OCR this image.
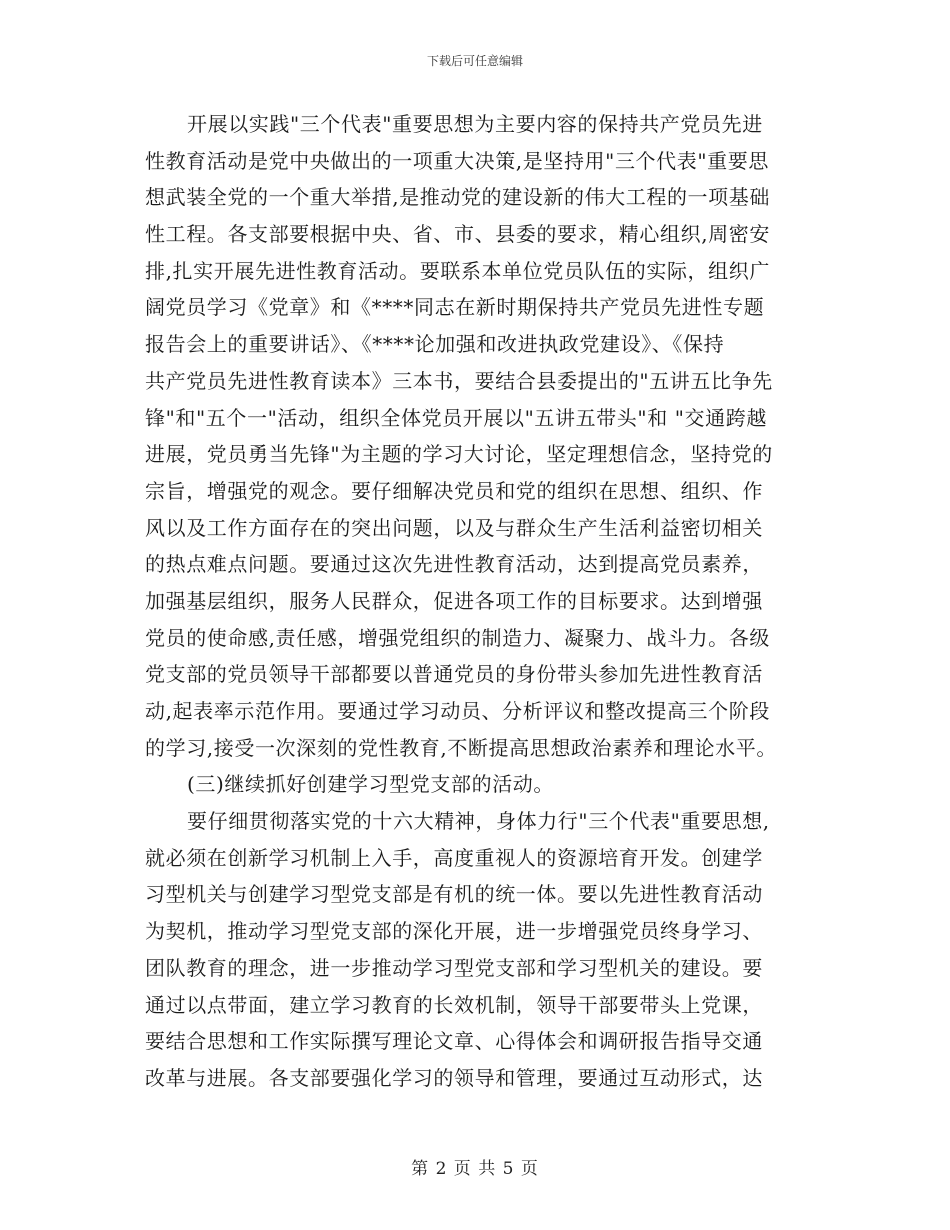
下载后可任意编辑
开展以实践"三个代表"重要思想为主要内容的保持共产党员先进
性教育活动是党中央做出的一项重大决策,是坚持用"三个代表"重要思
想武装全党的一个重大举措,是推动党的建设新的伟大工程的一项基础
性工程。各支部要根据中央、省、市、县委的要求，精心组织,周密安
排,扎实开展先进性教育活动。要联系本单位党员队伍的实际，组织广
阔党员学习《党章》和《****同志在新时期保持共产党员先进性专题
报告会上的重要讲话》、《****论加强和改进执政党建设》、《保持
共产党员先进性教育读本》三本书，要结合县委提出的"五讲五比争先
锋"和"五个一"活动，组织全体党员开展以"五讲五带头"和 "交通跨越
进展，党员勇当先锋"为主题的学习大讨论，坚定理想信念，坚持党的
宗旨，增强党的观念。要仔细解决党员和党的组织在思想、组织、作
风以及工作方面存在的突出问题，以及与群众生产生活利益密切相关
的热点难点问题。要通过这次先进性教育活动，达到提高党员素养，
加强基层组织，服务人民群众，促进各项工作的目标要求。达到增强
党员的使命感,责任感，增强党组织的制造力、凝聚力、战斗力。各级
党支部的党员领导干部都要以普通党员的身份带头参加先进性教育活
动,起表率示范作用。要通过学习动员、分析评议和整改提高三个阶段
的学习,接受一次深刻的党性教育,不断提高思想政治素养和理论水平。
(三)继续抓好创建学习型党支部的活动。
要仔细贯彻落实党的十六大精神，身体力行"三个代表"重要思想,
就必须在创新学习机制上入手，高度重视人的资源培育开发。创建学
习型机关与创建学习型党支部是有机的统一体。要以先进性教育活动
为契机，推动学习型党支部的深化开展，进一步增强党员终身学习、
团队教育的理念，进一步推动学习型党支部和学习型机关的建设。要
通过以点带面，建立学习教育的长效机制，领导干部要带头上党课，
要结合思想和工作实际撰写理论文章、心得体会和调研报告指导交通
改革与进展。各支部要强化学习的领导和管理，要通过互动形式，达
第 2 页 共 5 页
